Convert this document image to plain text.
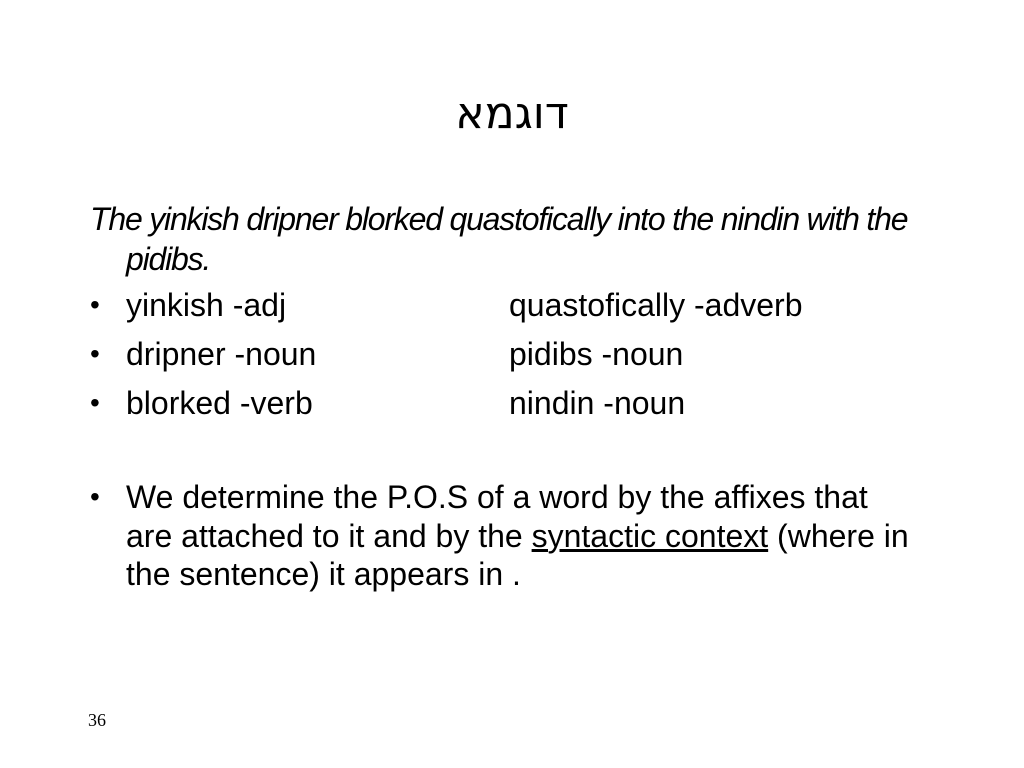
דוגמא
The yinkish dripner blorked quastofically into the nindin with the pidibs.
• yinkish -adj	quastofically -adverb
• dripner -noun	pidibs -noun
• blorked -verb	nindin -noun
• We determine the P.O.S of a word by the affixes that are attached to it and by the syntactic context (where in the sentence) it appears in .
36
